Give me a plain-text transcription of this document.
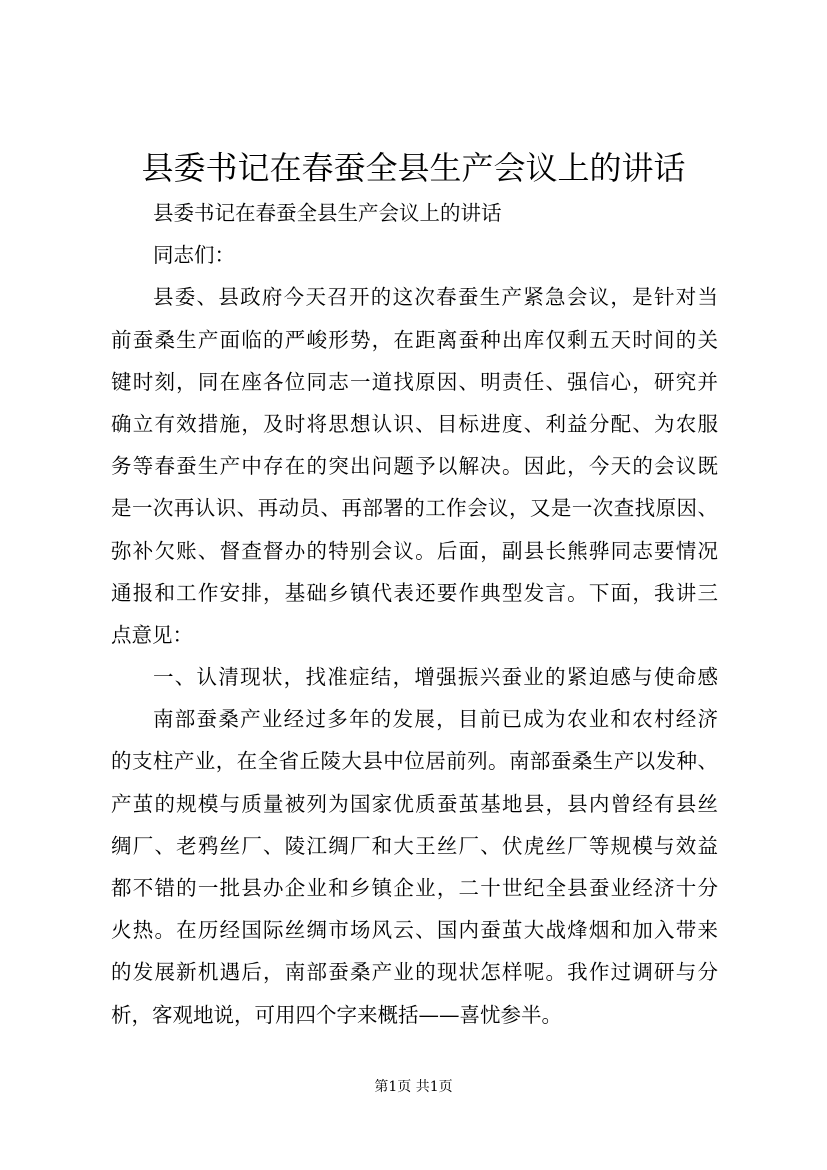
县委书记在春蚕全县生产会议上的讲话
县委书记在春蚕全县生产会议上的讲话
同志们：
县委、县政府今天召开的这次春蚕生产紧急会议，是针对当
前蚕桑生产面临的严峻形势，在距离蚕种出库仅剩五天时间的关
键时刻，同在座各位同志一道找原因、明责任、强信心，研究并
确立有效措施，及时将思想认识、目标进度、利益分配、为农服
务等春蚕生产中存在的突出问题予以解决。因此，今天的会议既
是一次再认识、再动员、再部署的工作会议，又是一次查找原因、
弥补欠账、督查督办的特别会议。后面，副县长熊骅同志要情况
通报和工作安排，基础乡镇代表还要作典型发言。下面，我讲三
点意见：
一、认清现状，找准症结，增强振兴蚕业的紧迫感与使命感
南部蚕桑产业经过多年的发展，目前已成为农业和农村经济
的支柱产业，在全省丘陵大县中位居前列。南部蚕桑生产以发种、
产茧的规模与质量被列为国家优质蚕茧基地县，县内曾经有县丝
绸厂、老鸦丝厂、陵江绸厂和大王丝厂、伏虎丝厂等规模与效益
都不错的一批县办企业和乡镇企业，二十世纪全县蚕业经济十分
火热。在历经国际丝绸市场风云、国内蚕茧大战烽烟和加入带来
的发展新机遇后，南部蚕桑产业的现状怎样呢。我作过调研与分
析，客观地说，可用四个字来概括——喜忧参半。
第1页 共1页
